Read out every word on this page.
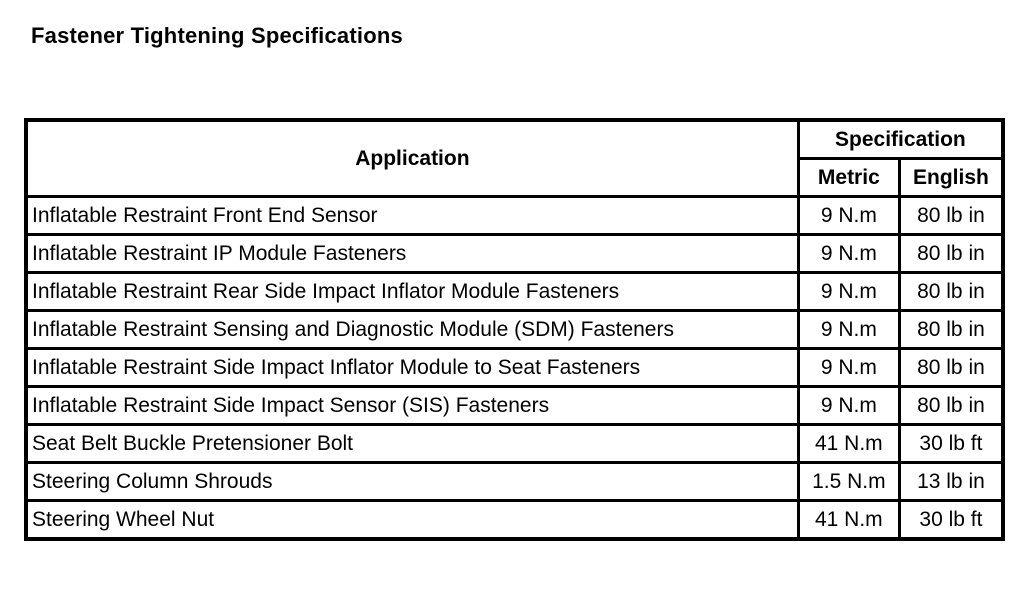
Fastener Tightening Specifications
Application	Specification	
	Metric	English
Inflatable Restraint Front End Sensor	9 N.m	80 lb in
Inflatable Restraint IP Module Fasteners	9 N.m	80 lb in
Inflatable Restraint Rear Side Impact Inflator Module Fasteners	9 N.m	80 lb in
Inflatable Restraint Sensing and Diagnostic Module (SDM) Fasteners	9 N.m	80 lb in
Inflatable Restraint Side Impact Inflator Module to Seat Fasteners	9 N.m	80 lb in
Inflatable Restraint Side Impact Sensor (SIS) Fasteners	9 N.m	80 lb in
Seat Belt Buckle Pretensioner Bolt	41 N.m	30 lb ft
Steering Column Shrouds	1.5 N.m	13 lb in
Steering Wheel Nut	41 N.m	30 lb ft
